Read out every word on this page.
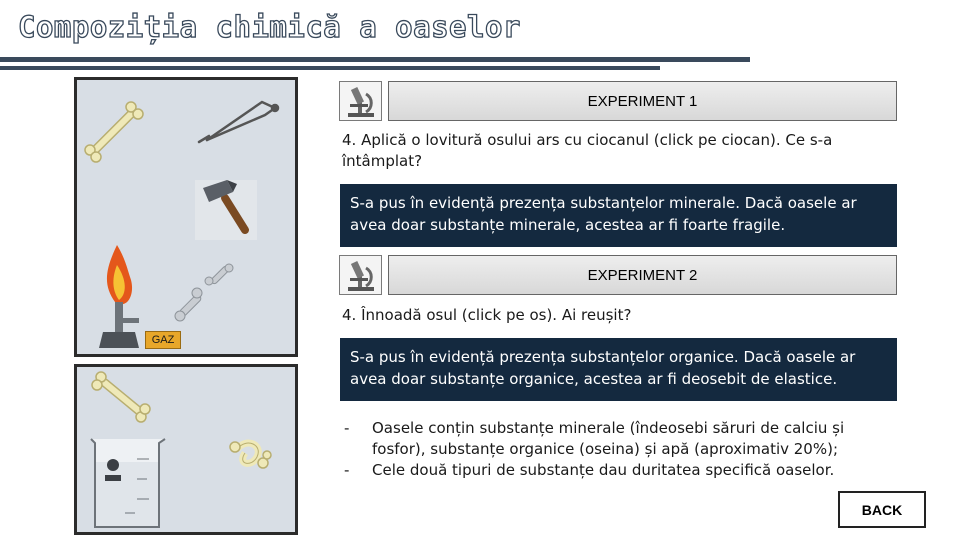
Compoziția chimică a oaselor
GAZ
EXPERIMENT 1
4. Aplică o lovitură osului ars cu ciocanul (click pe ciocan). Ce s-a întâmplat?
S-a pus în evidență prezența substanțelor minerale. Dacă oasele ar avea doar substanțe minerale, acestea ar fi foarte fragile.
EXPERIMENT 2
4. Înnoadă osul (click pe os). Ai reușit?
S-a pus în evidență prezența substanțelor organice. Dacă oasele ar avea doar substanțe organice, acestea ar fi deosebit de elastice.
-	Oasele conțin substanțe minerale (îndeosebi săruri de calciu și fosfor), substanțe organice (oseina) și apă (aproximativ 20%);
-	Cele două tipuri de substanțe dau duritatea specifică oaselor.
BACK
